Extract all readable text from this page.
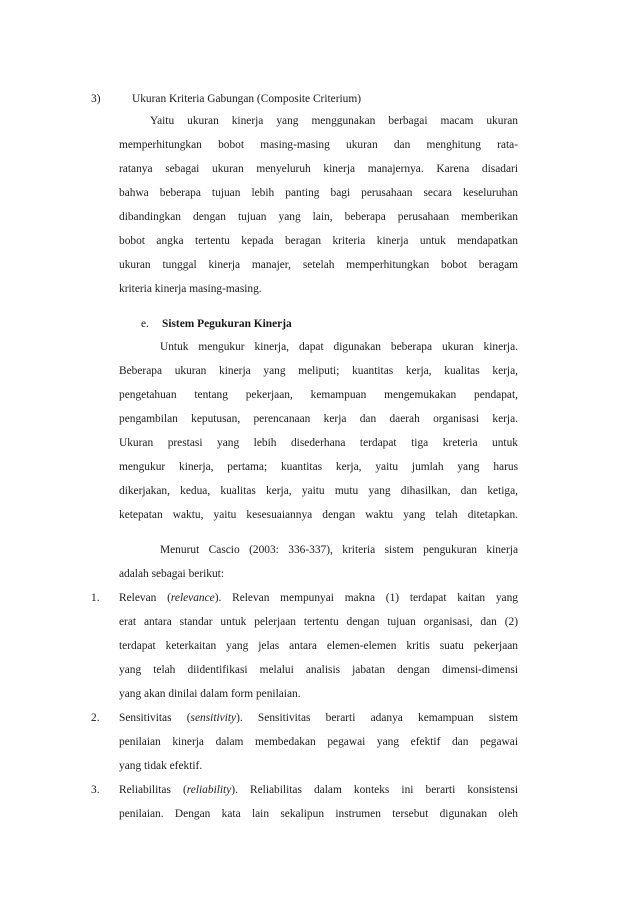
3)	Ukuran Kriteria Gabungan (Composite Criterium)
Yaitu ukuran kinerja yang menggunakan berbagai macam ukuran
memperhitungkan bobot masing-masing ukuran dan menghitung rata-
ratanya sebagai ukuran menyeluruh kinerja manajernya. Karena disadari
bahwa beberapa tujuan lebih panting bagi perusahaan secara keseluruhan
dibandingkan dengan tujuan yang lain, beberapa perusahaan memberikan
bobot angka tertentu kepada beragan kriteria kinerja untuk mendapatkan
ukuran tunggal kinerja manajer, setelah memperhitungkan bobot beragam
kriteria kinerja masing-masing.
e. Sistem Pegukuran Kinerja
Untuk mengukur kinerja, dapat digunakan beberapa ukuran kinerja.
Beberapa ukuran kinerja yang meliputi; kuantitas kerja, kualitas kerja,
pengetahuan tentang pekerjaan, kemampuan mengemukakan pendapat,
pengambilan keputusan, perencanaan kerja dan daerah organisasi kerja.
Ukuran prestasi yang lebih disederhana terdapat tiga kreteria untuk
mengukur kinerja, pertama; kuantitas kerja, yaitu jumlah yang harus
dikerjakan, kedua, kualitas kerja, yaitu mutu yang dihasilkan, dan ketiga,
ketepatan waktu, yaitu kesesuaiannya dengan waktu yang telah ditetapkan.
Menurut Cascio (2003: 336-337), kriteria sistem pengukuran kinerja
adalah sebagai berikut:
1. Relevan (relevance). Relevan mempunyai makna (1) terdapat kaitan yang
erat antara standar untuk pelerjaan tertentu dengan tujuan organisasi, dan (2)
terdapat keterkaitan yang jelas antara elemen-elemen kritis suatu pekerjaan
yang telah diidentifikasi melalui analisis jabatan dengan dimensi-dimensi
yang akan dinilai dalam form penilaian.
2. Sensitivitas (sensitivity). Sensitivitas berarti adanya kemampuan sistem
penilaian kinerja dalam membedakan pegawai yang efektif dan pegawai
yang tidak efektif.
3. Reliabilitas (reliability). Reliabilitas dalam konteks ini berarti konsistensi
penilaian. Dengan kata lain sekalipun instrumen tersebut digunakan oleh
